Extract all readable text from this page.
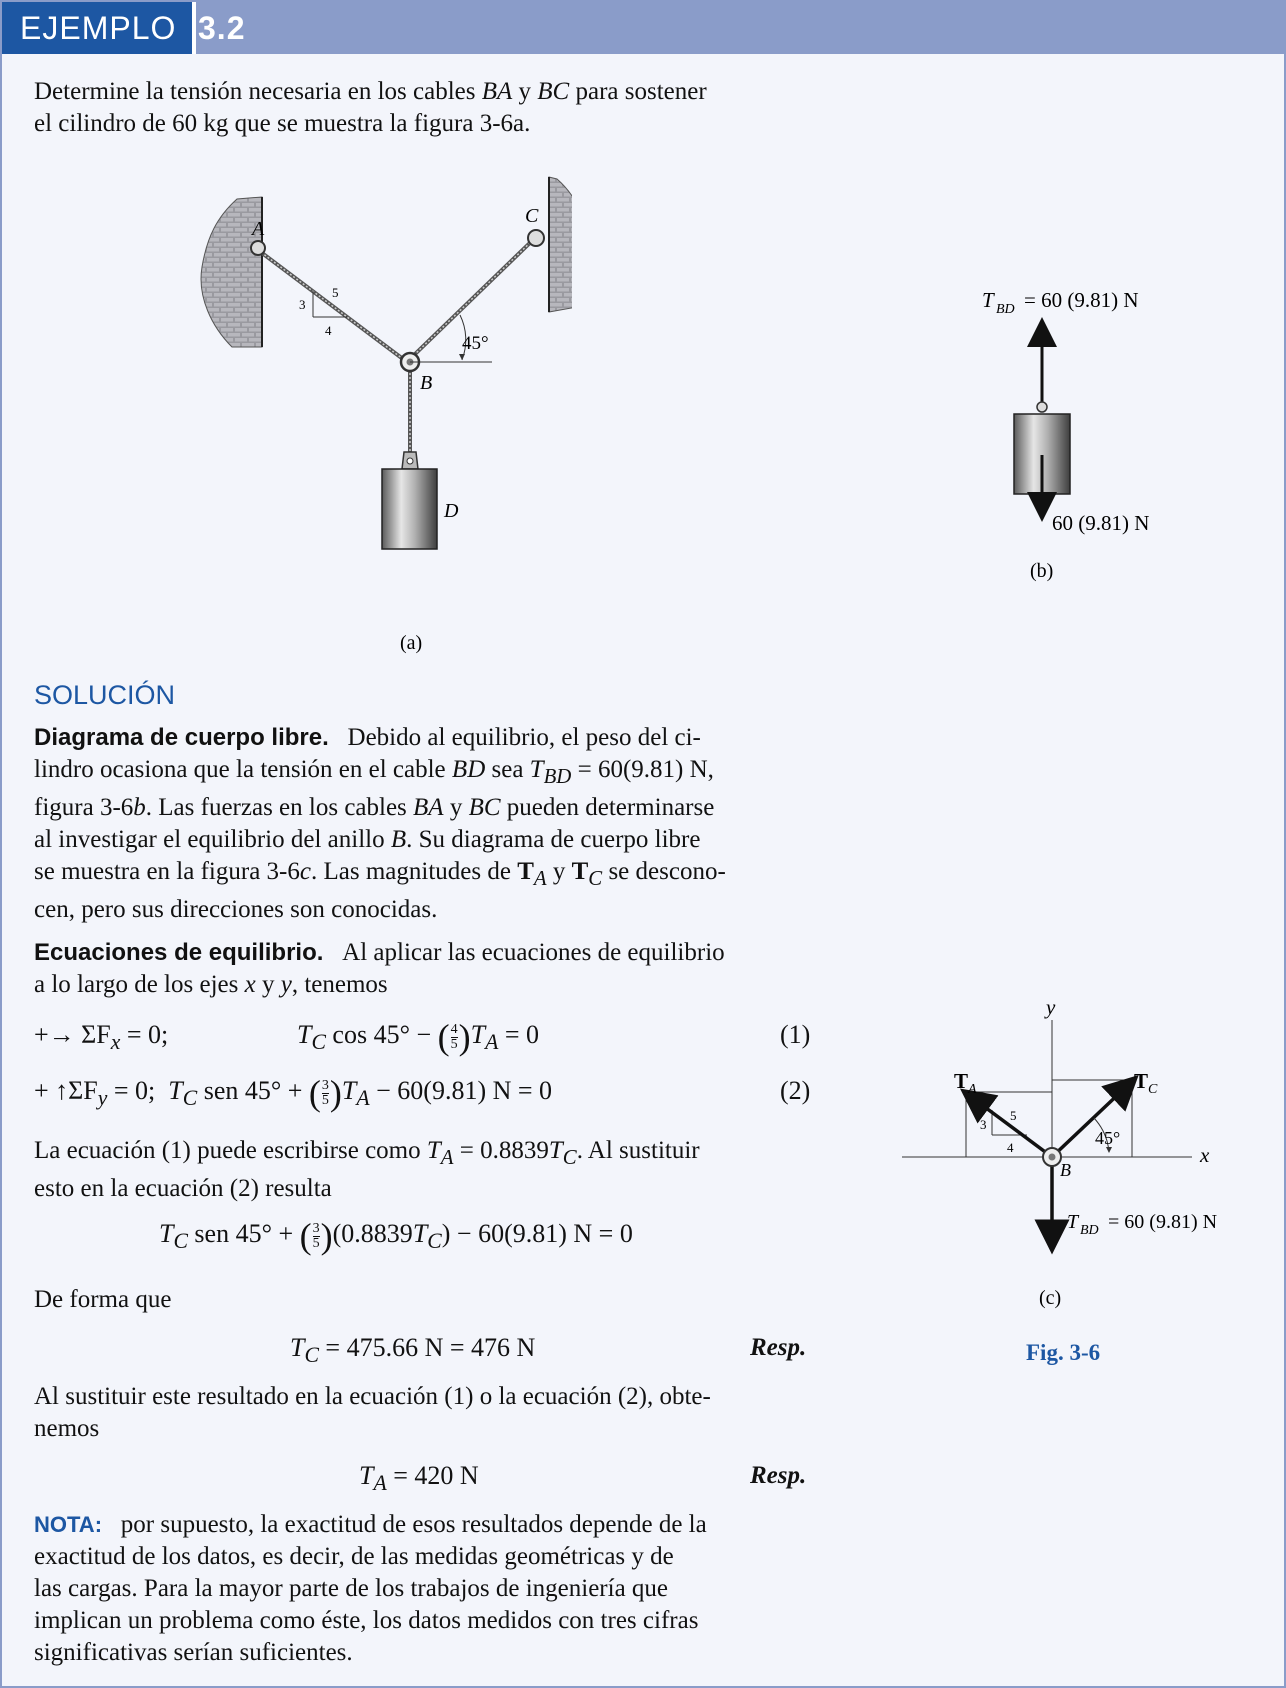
EJEMPLO 3.2
Determine la tensión necesaria en los cables BA y BC para sostener
el cilindro de 60 kg que se muestra la figura 3-6a.
3
4
5
45°
A
C
B
D
(a)
T BD = 60 (9.81) N
60 (9.81) N
(b)
y
x
3
4
5
45°
B
T A	T C
T BD = 60 (9.81) N
(c)
Fig. 3-6
SOLUCIÓN
Diagrama de cuerpo libre. Debido al equilibrio, el peso del ci-
lindro ocasiona que la tensión en el cable BD sea $T_{BD} = 60(9.81)$ N,
figura 3-6b. Las fuerzas en los cables BA y BC pueden determinarse
al investigar el equilibrio del anillo B. Su diagrama de cuerpo libre
se muestra en la figura 3-6c. Las magnitudes de $T_A$ y $T_C$ se descono-
cen, pero sus direcciones son conocidas.
Ecuaciones de equilibrio. Al aplicar las ecuaciones de equilibrio
a lo largo de los ejes x y y, tenemos
+→ $\Sigma F_x = 0$;	$T_C$ cos 45° − ( $\frac{4}{5} )T_A = 0$	(1)
+ $↑\Sigma F_y = 0$; $T_C$ sen 45° + ( $\frac{3}{5} )T_A - 60(9.81)$ N = 0	(2)
La ecuación (1) puede escribirse como $T_A = 0.8839T_C$. Al sustituir
esto en la ecuación (2) resulta
$T_C$ sen 45° + ( $\frac{3}{5} )(0.8839T_C) - 60(9.81)$ N = 0
De forma que
$T_C = 475.66$ N = 476 N	Resp.
Al sustituir este resultado en la ecuación (1) o la ecuación (2), obte-
nemos
$T_A = 420$ N	Resp.
NOTA: por supuesto, la exactitud de esos resultados depende de la
exactitud de los datos, es decir, de las medidas geométricas y de
las cargas. Para la mayor parte de los trabajos de ingeniería que
implican un problema como éste, los datos medidos con tres cifras
significativas serían suficientes.
